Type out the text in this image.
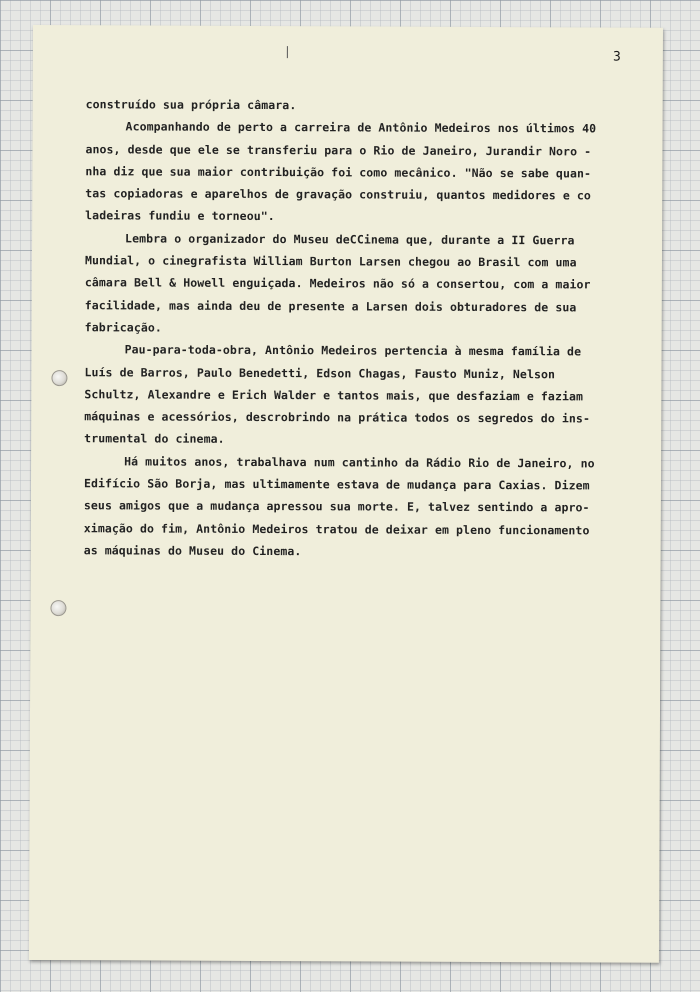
3
construído sua própria câmara.
Acompanhando de perto a carreira de Antônio Medeiros nos últimos 40
anos, desde que ele se transferiu para o Rio de Janeiro, Jurandir Noro -
nha diz que sua maior contribuição foi como mecânico. "Não se sabe quan-
tas copiadoras e aparelhos de gravação construiu, quantos medidores e co
ladeiras fundiu e torneou".
Lembra o organizador do Museu deCCinema que, durante a II Guerra
Mundial, o cinegrafista William Burton Larsen chegou ao Brasil com uma
câmara Bell & Howell enguiçada. Medeiros não só a consertou, com a maior
facilidade, mas ainda deu de presente a Larsen dois obturadores de sua
fabricação.
Pau-para-toda-obra, Antônio Medeiros pertencia à mesma família de
Luís de Barros, Paulo Benedetti, Edson Chagas, Fausto Muniz, Nelson
Schultz, Alexandre e Erich Walder e tantos mais, que desfaziam e faziam
máquinas e acessórios, descrobrindo na prática todos os segredos do ins-
trumental do cinema.
Há muitos anos, trabalhava num cantinho da Rádio Rio de Janeiro, no
Edifício São Borja, mas ultimamente estava de mudança para Caxias. Dizem
seus amigos que a mudança apressou sua morte. E, talvez sentindo a apro-
ximação do fim, Antônio Medeiros tratou de deixar em pleno funcionamento
as máquinas do Museu do Cinema.
